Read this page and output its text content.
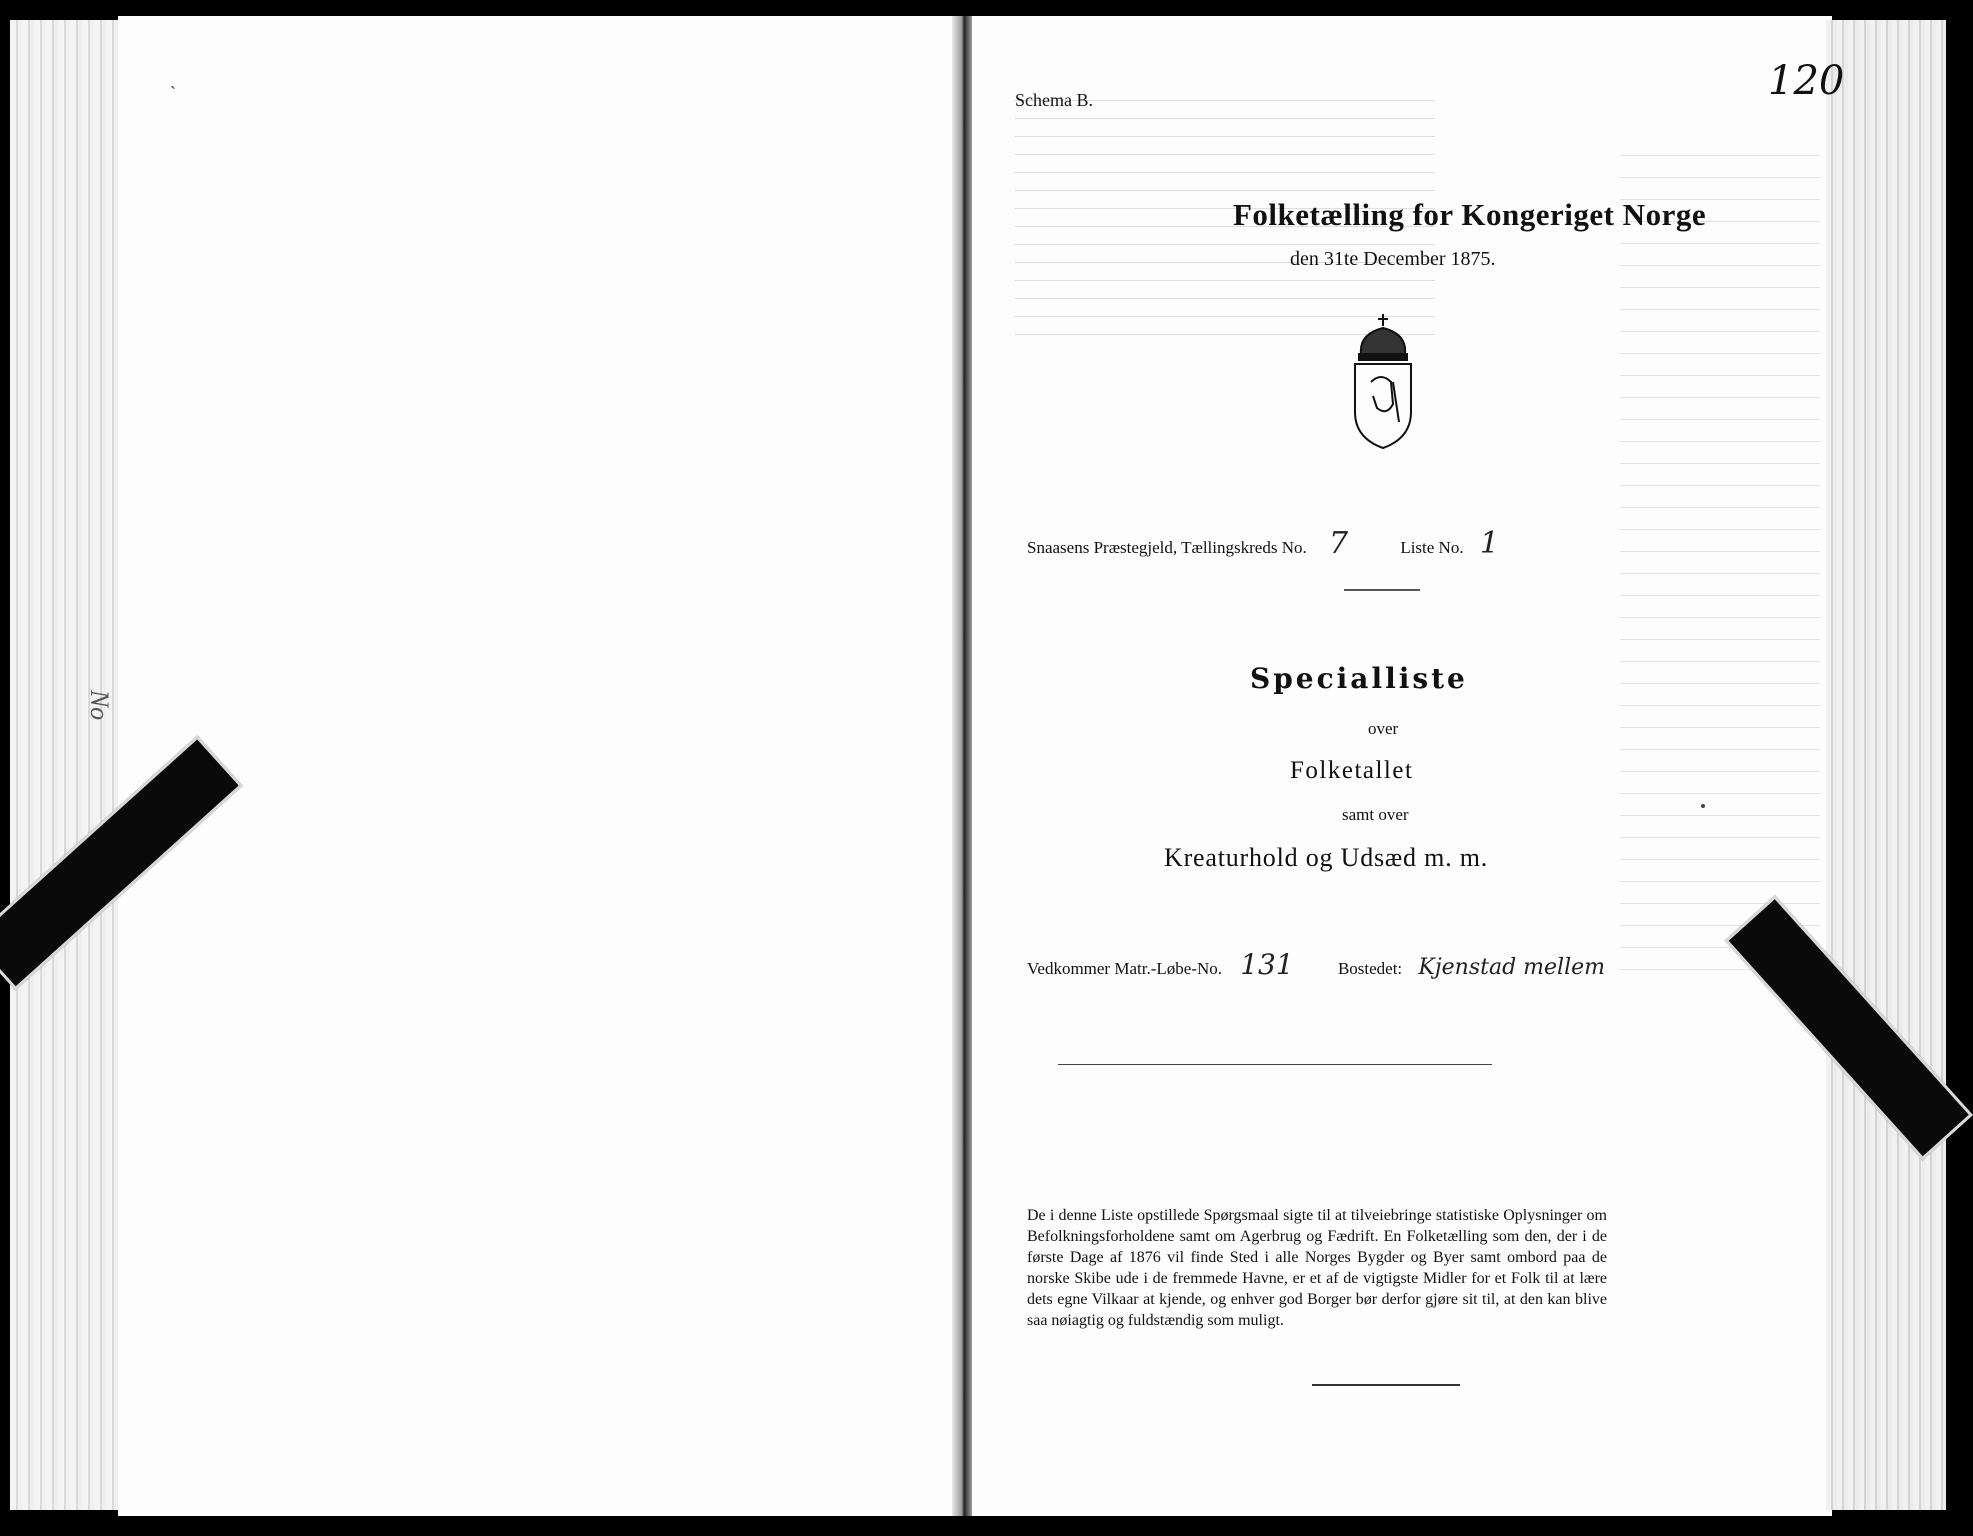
`
No
Schema B.	120
Folketælling for Kongeriget Norge
den 31te December 1875.
Snaasens Præstegjeld, Tællingskreds No. 7	Liste No. 1
Specialliste
over
Folketallet
samt over
Kreaturhold og Udsæd m. m.
Vedkommer Matr.-Løbe-No. 131	Bostedet: Kjenstad mellem
De i denne Liste opstillede Spørgsmaal sigte til at tilveiebringe statistiske Oplysninger om Befolkningsforholdene samt om Agerbrug og Fædrift. En Folketælling som den, der i de første Dage af 1876 vil finde Sted i alle Norges Bygder og Byer samt ombord paa de norske Skibe ude i de fremmede Havne, er et af de vigtigste Midler for et Folk til at lære dets egne Vilkaar at kjende, og enhver god Borger bør derfor gjøre sit til, at den kan blive saa nøiagtig og fuldstændig som muligt.
